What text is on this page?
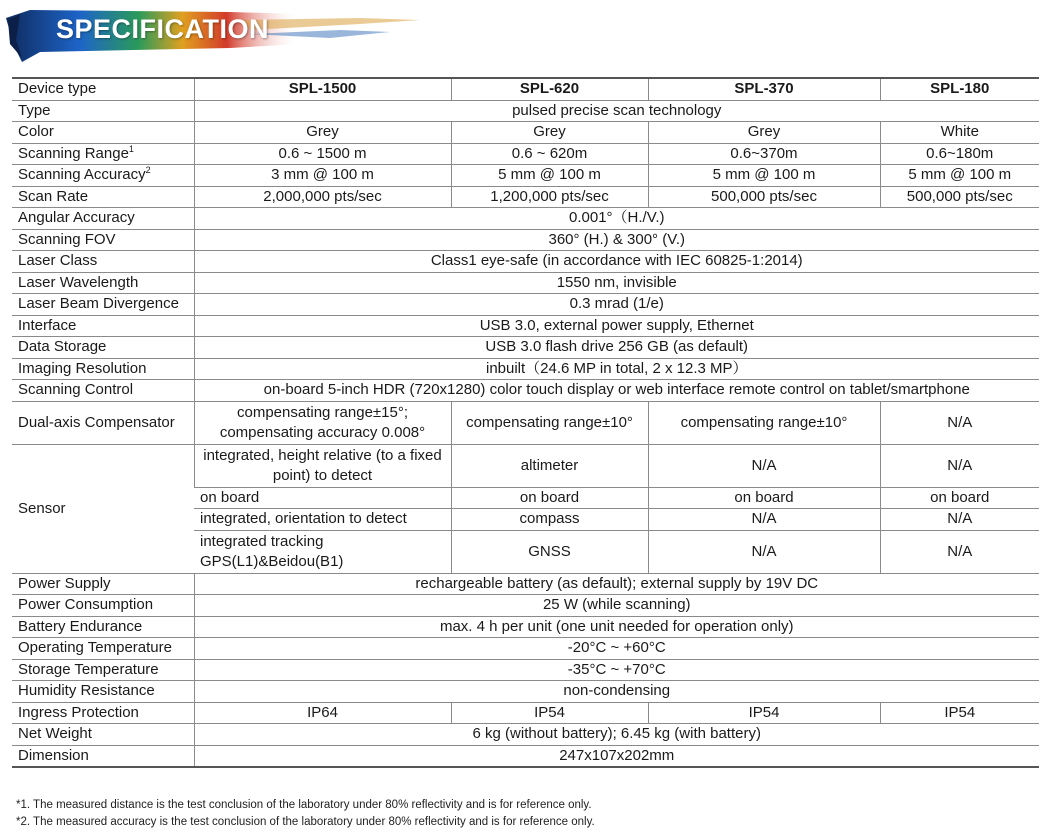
SPECIFICATION
Device type	SPL-1500	SPL-620	SPL-370	SPL-180
Type	pulsed precise scan technology			
Color	Grey	Grey	Grey	White
Scanning Range$^1$	0.6 ~ 1500 m	0.6 ~ 620m	0.6~370m	0.6~180m
Scanning Accuracy$^2$	3 mm @ 100 m	5 mm @ 100 m	5 mm @ 100 m	5 mm @ 100 m
Scan Rate	2,000,000 pts/sec	1,200,000 pts/sec	500,000 pts/sec	500,000 pts/sec
Angular Accuracy	0.001°（H./V.)			
Scanning FOV	360° (H.) & 300° (V.)			
Laser Class	Class1 eye-safe (in accordance with IEC 60825-1:2014)			
Laser Wavelength	1550 nm, invisible			
Laser Beam Divergence	0.3 mrad (1/e)			
Interface	USB 3.0, external power supply, Ethernet			
Data Storage	USB 3.0 flash drive 256 GB (as default)			
Imaging Resolution	inbuilt（24.6 MP in total, 2 x 12.3 MP）			
Scanning Control	on-board 5-inch HDR (720x1280) color touch display or web interface remote control on tablet/smartphone			
Dual-axis Compensator	compensating range±15°; compensating accuracy 0.008°	compensating range±10°	compensating range±10°	N/A
Sensor	integrated, height relative (to a fixed point) to detect	altimeter	N/A	N/A
	on board	on board	on board	on board
	integrated, orientation to detect	compass	N/A	N/A
	integrated tracking GPS(L1)&Beidou(B1)	GNSS	N/A	N/A
Power Supply	rechargeable battery (as default); external supply by 19V DC			
Power Consumption	25 W (while scanning)			
Battery Endurance	max. 4 h per unit (one unit needed for operation only)			
Operating Temperature	-20°C ~ +60°C			
Storage Temperature	-35°C ~ +70°C			
Humidity Resistance	non-condensing			
Ingress Protection	IP64	IP54	IP54	IP54
Net Weight	6 kg (without battery); 6.45 kg (with battery)			
Dimension	247x107x202mm			
*1. The measured distance is the test conclusion of the laboratory under 80% reflectivity and is for reference only.
*2. The measured accuracy is the test conclusion of the laboratory under 80% reflectivity and is for reference only.
